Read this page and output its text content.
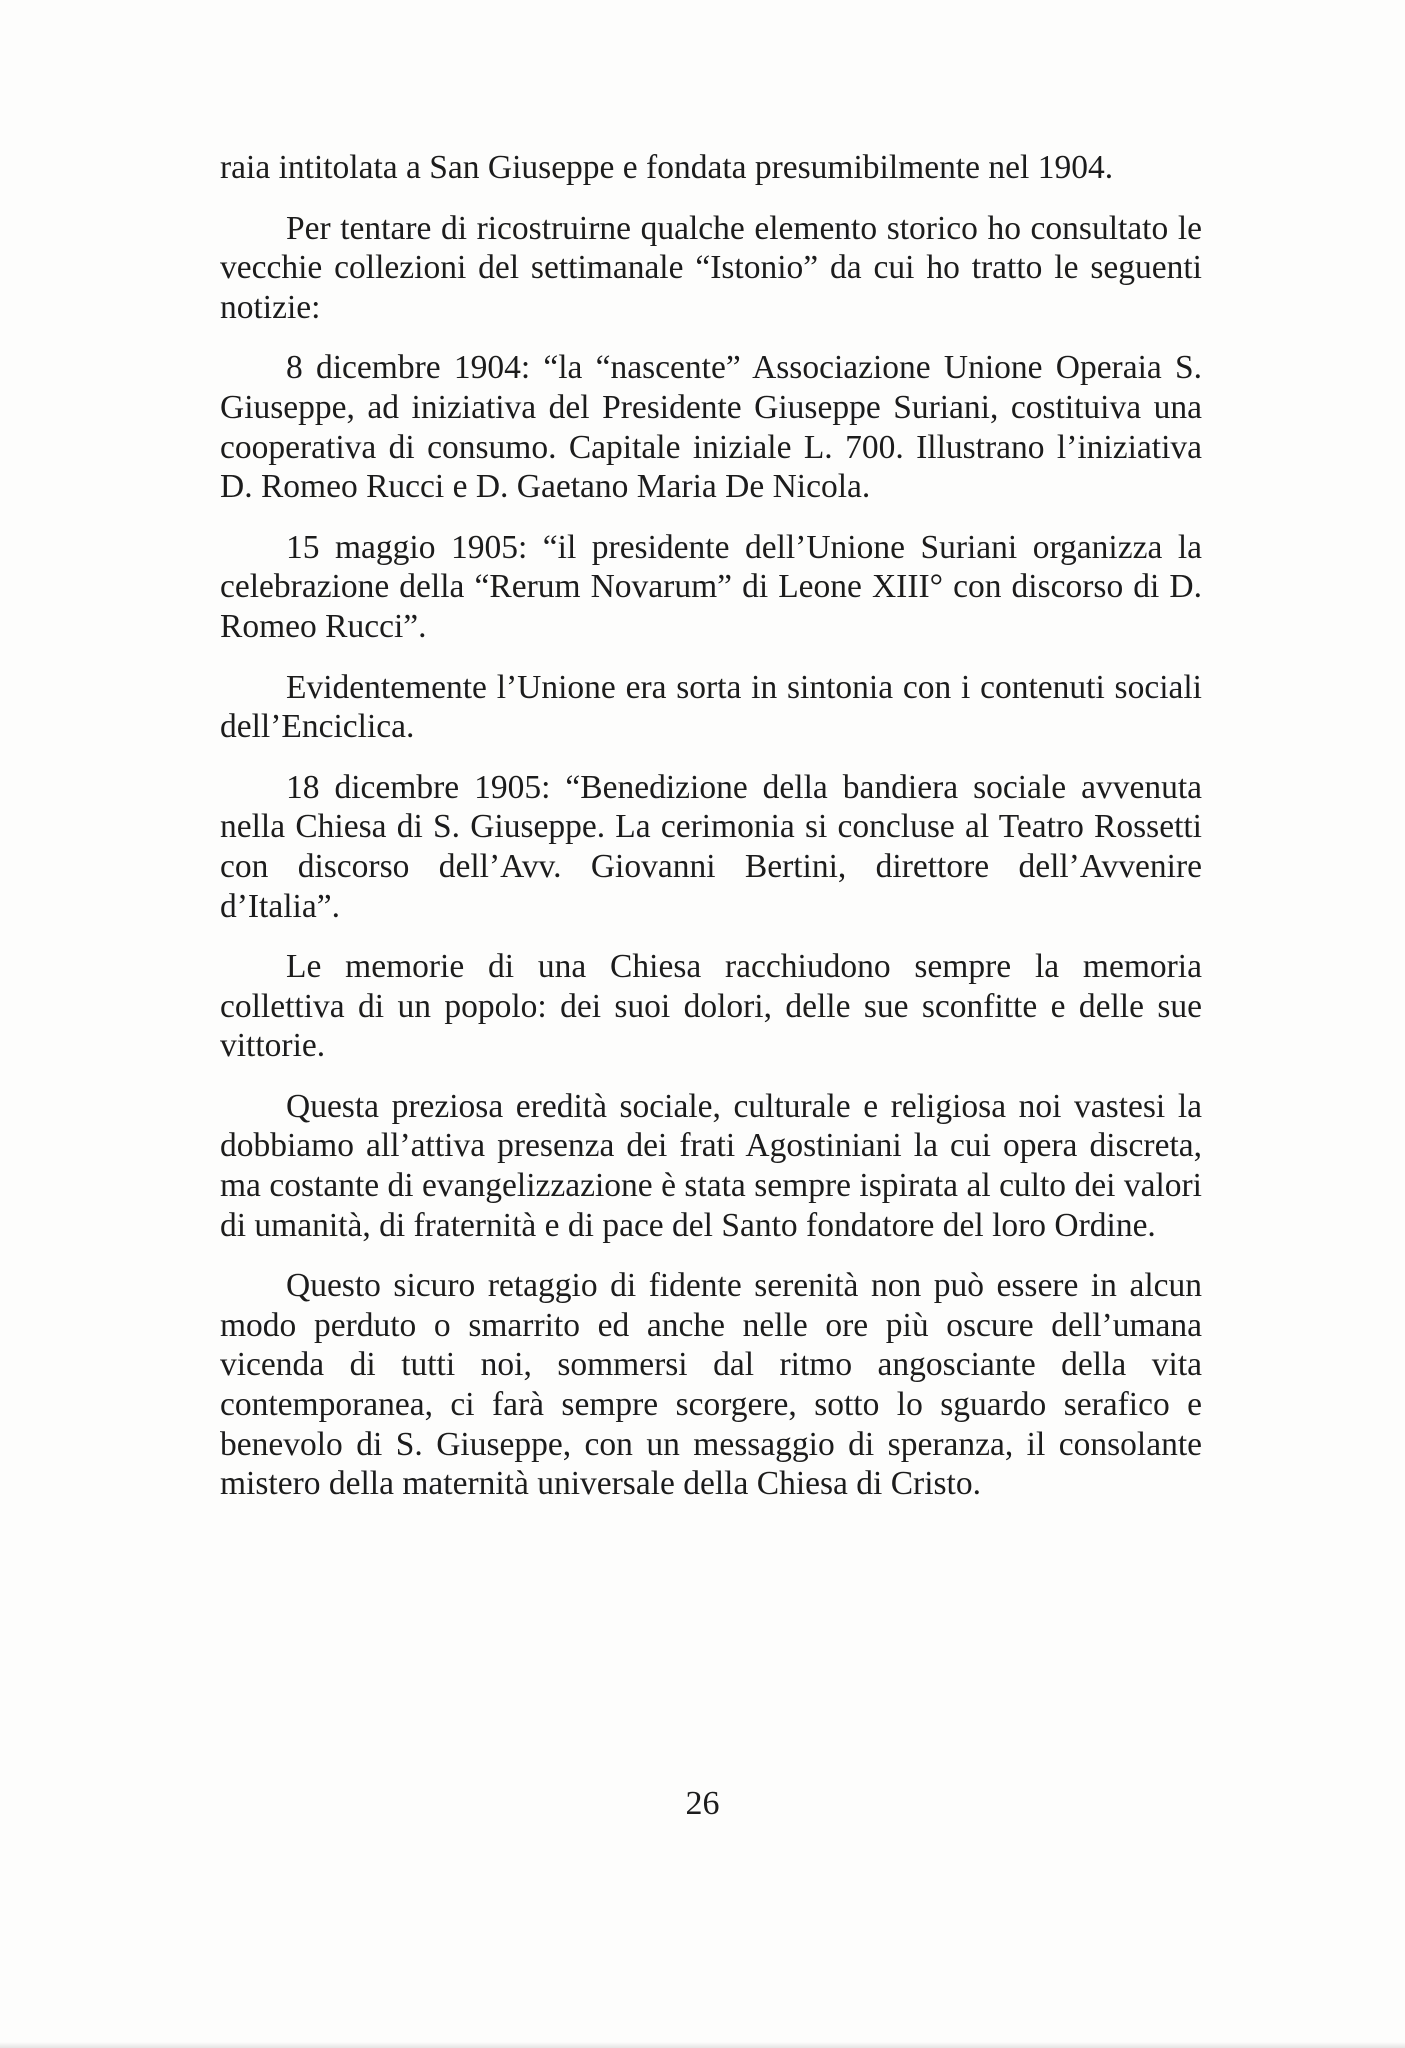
raia intitolata a San Giuseppe e fondata presumibilmente nel 1904.

Per tentare di ricostruirne qualche elemento storico ho consultato le vecchie collezioni del settimanale “Istonio” da cui ho tratto le seguenti notizie:

8 dicembre 1904: “la “nascente” Associazione Unione Operaia S. Giuseppe, ad iniziativa del Presidente Giuseppe Suriani, costituiva una cooperativa di consumo. Capitale iniziale L. 700. Illustrano l’iniziativa D. Romeo Rucci e D. Gaetano Maria De Nicola.

15 maggio 1905: “il presidente dell’Unione Suriani organizza la celebrazione della “Rerum Novarum” di Leone XIII° con discorso di D. Romeo Rucci”.

Evidentemente l’Unione era sorta in sintonia con i contenuti sociali dell’Enciclica.

18 dicembre 1905: “Benedizione della bandiera sociale avvenuta nella Chiesa di S. Giuseppe. La cerimonia si concluse al Teatro Rossetti con discorso dell’Avv. Giovanni Bertini, direttore dell’Avvenire d’Italia”.

Le memorie di una Chiesa racchiudono sempre la memoria collettiva di un popolo: dei suoi dolori, delle sue sconfitte e delle sue vittorie.

Questa preziosa eredità sociale, culturale e religiosa noi vastesi la dobbiamo all’attiva presenza dei frati Agostiniani la cui opera discreta, ma costante di evangelizzazione è stata sempre ispirata al culto dei valori di umanità, di fraternità e di pace del Santo fondatore del loro Ordine.

Questo sicuro retaggio di fidente serenità non può essere in alcun modo perduto o smarrito ed anche nelle ore più oscure dell’umana vicenda di tutti noi, sommersi dal ritmo angosciante della vita contemporanea, ci farà sempre scorgere, sotto lo sguardo serafico e benevolo di S. Giuseppe, con un messaggio di speranza, il consolante mistero della maternità universale della Chiesa di Cristo.

26
